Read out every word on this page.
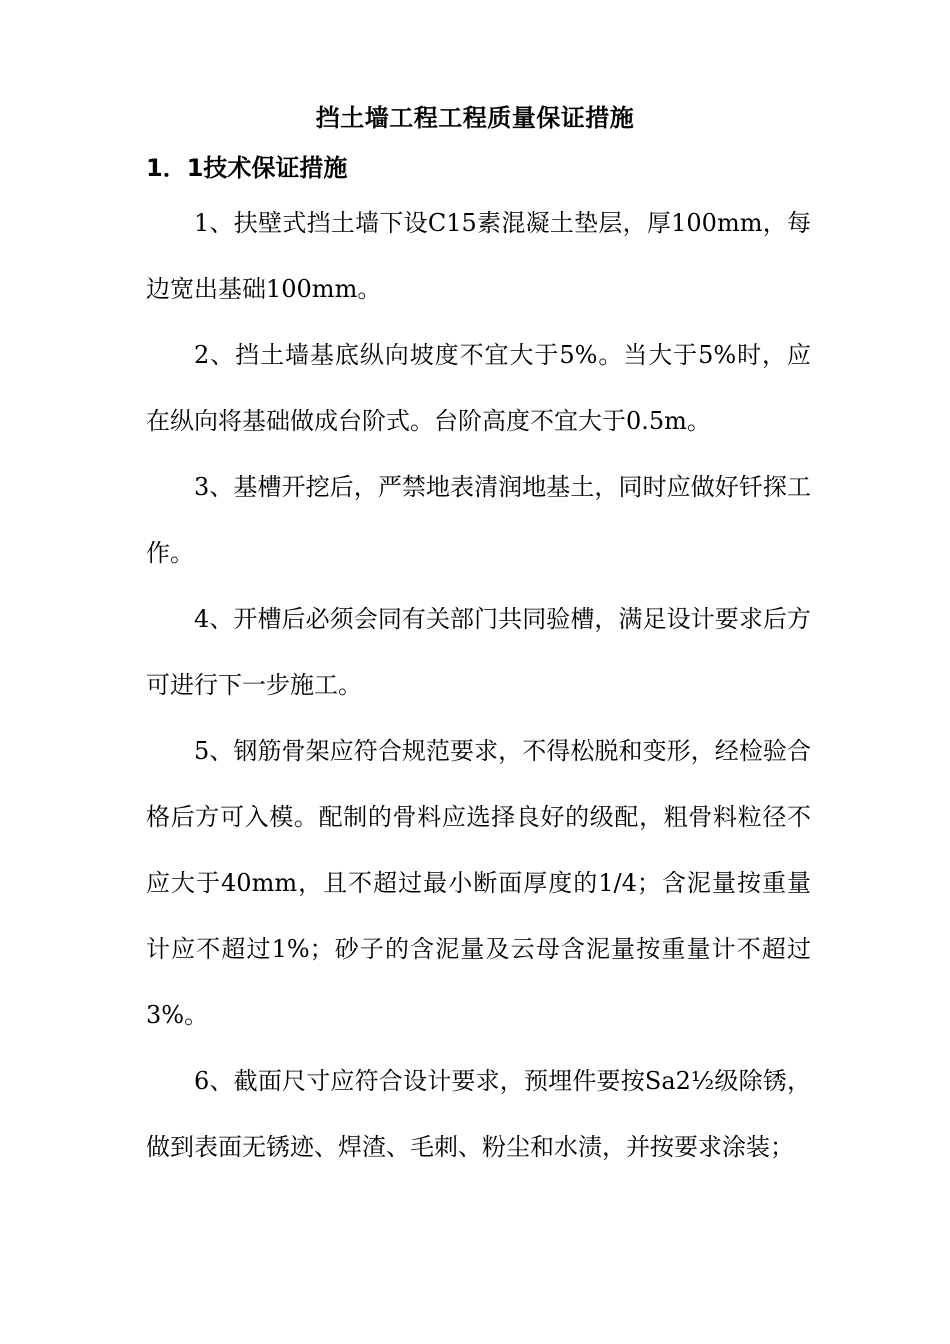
挡土墙工程工程质量保证措施
1．1技术保证措施

1、扶壁式挡土墙下设C15素混凝土垫层，厚100mm，每边宽出基础100mm。

2、挡土墙基底纵向坡度不宜大于5%。当大于5%时，应在纵向将基础做成台阶式。台阶高度不宜大于0.5m。

3、基槽开挖后，严禁地表清润地基土，同时应做好钎探工作。

4、开槽后必须会同有关部门共同验槽，满足设计要求后方可进行下一步施工。

5、钢筋骨架应符合规范要求，不得松脱和变形，经检验合格后方可入模。配制的骨料应选择良好的级配，粗骨料粒径不应大于40mm，且不超过最小断面厚度的1/4；含泥量按重量计应不超过1%；砂子的含泥量及云母含泥量按重量计不超过3%。

6、截面尺寸应符合设计要求，预埋件要按Sa2½级除锈，做到表面无锈迹、焊渣、毛刺、粉尘和水渍，并按要求涂装；
